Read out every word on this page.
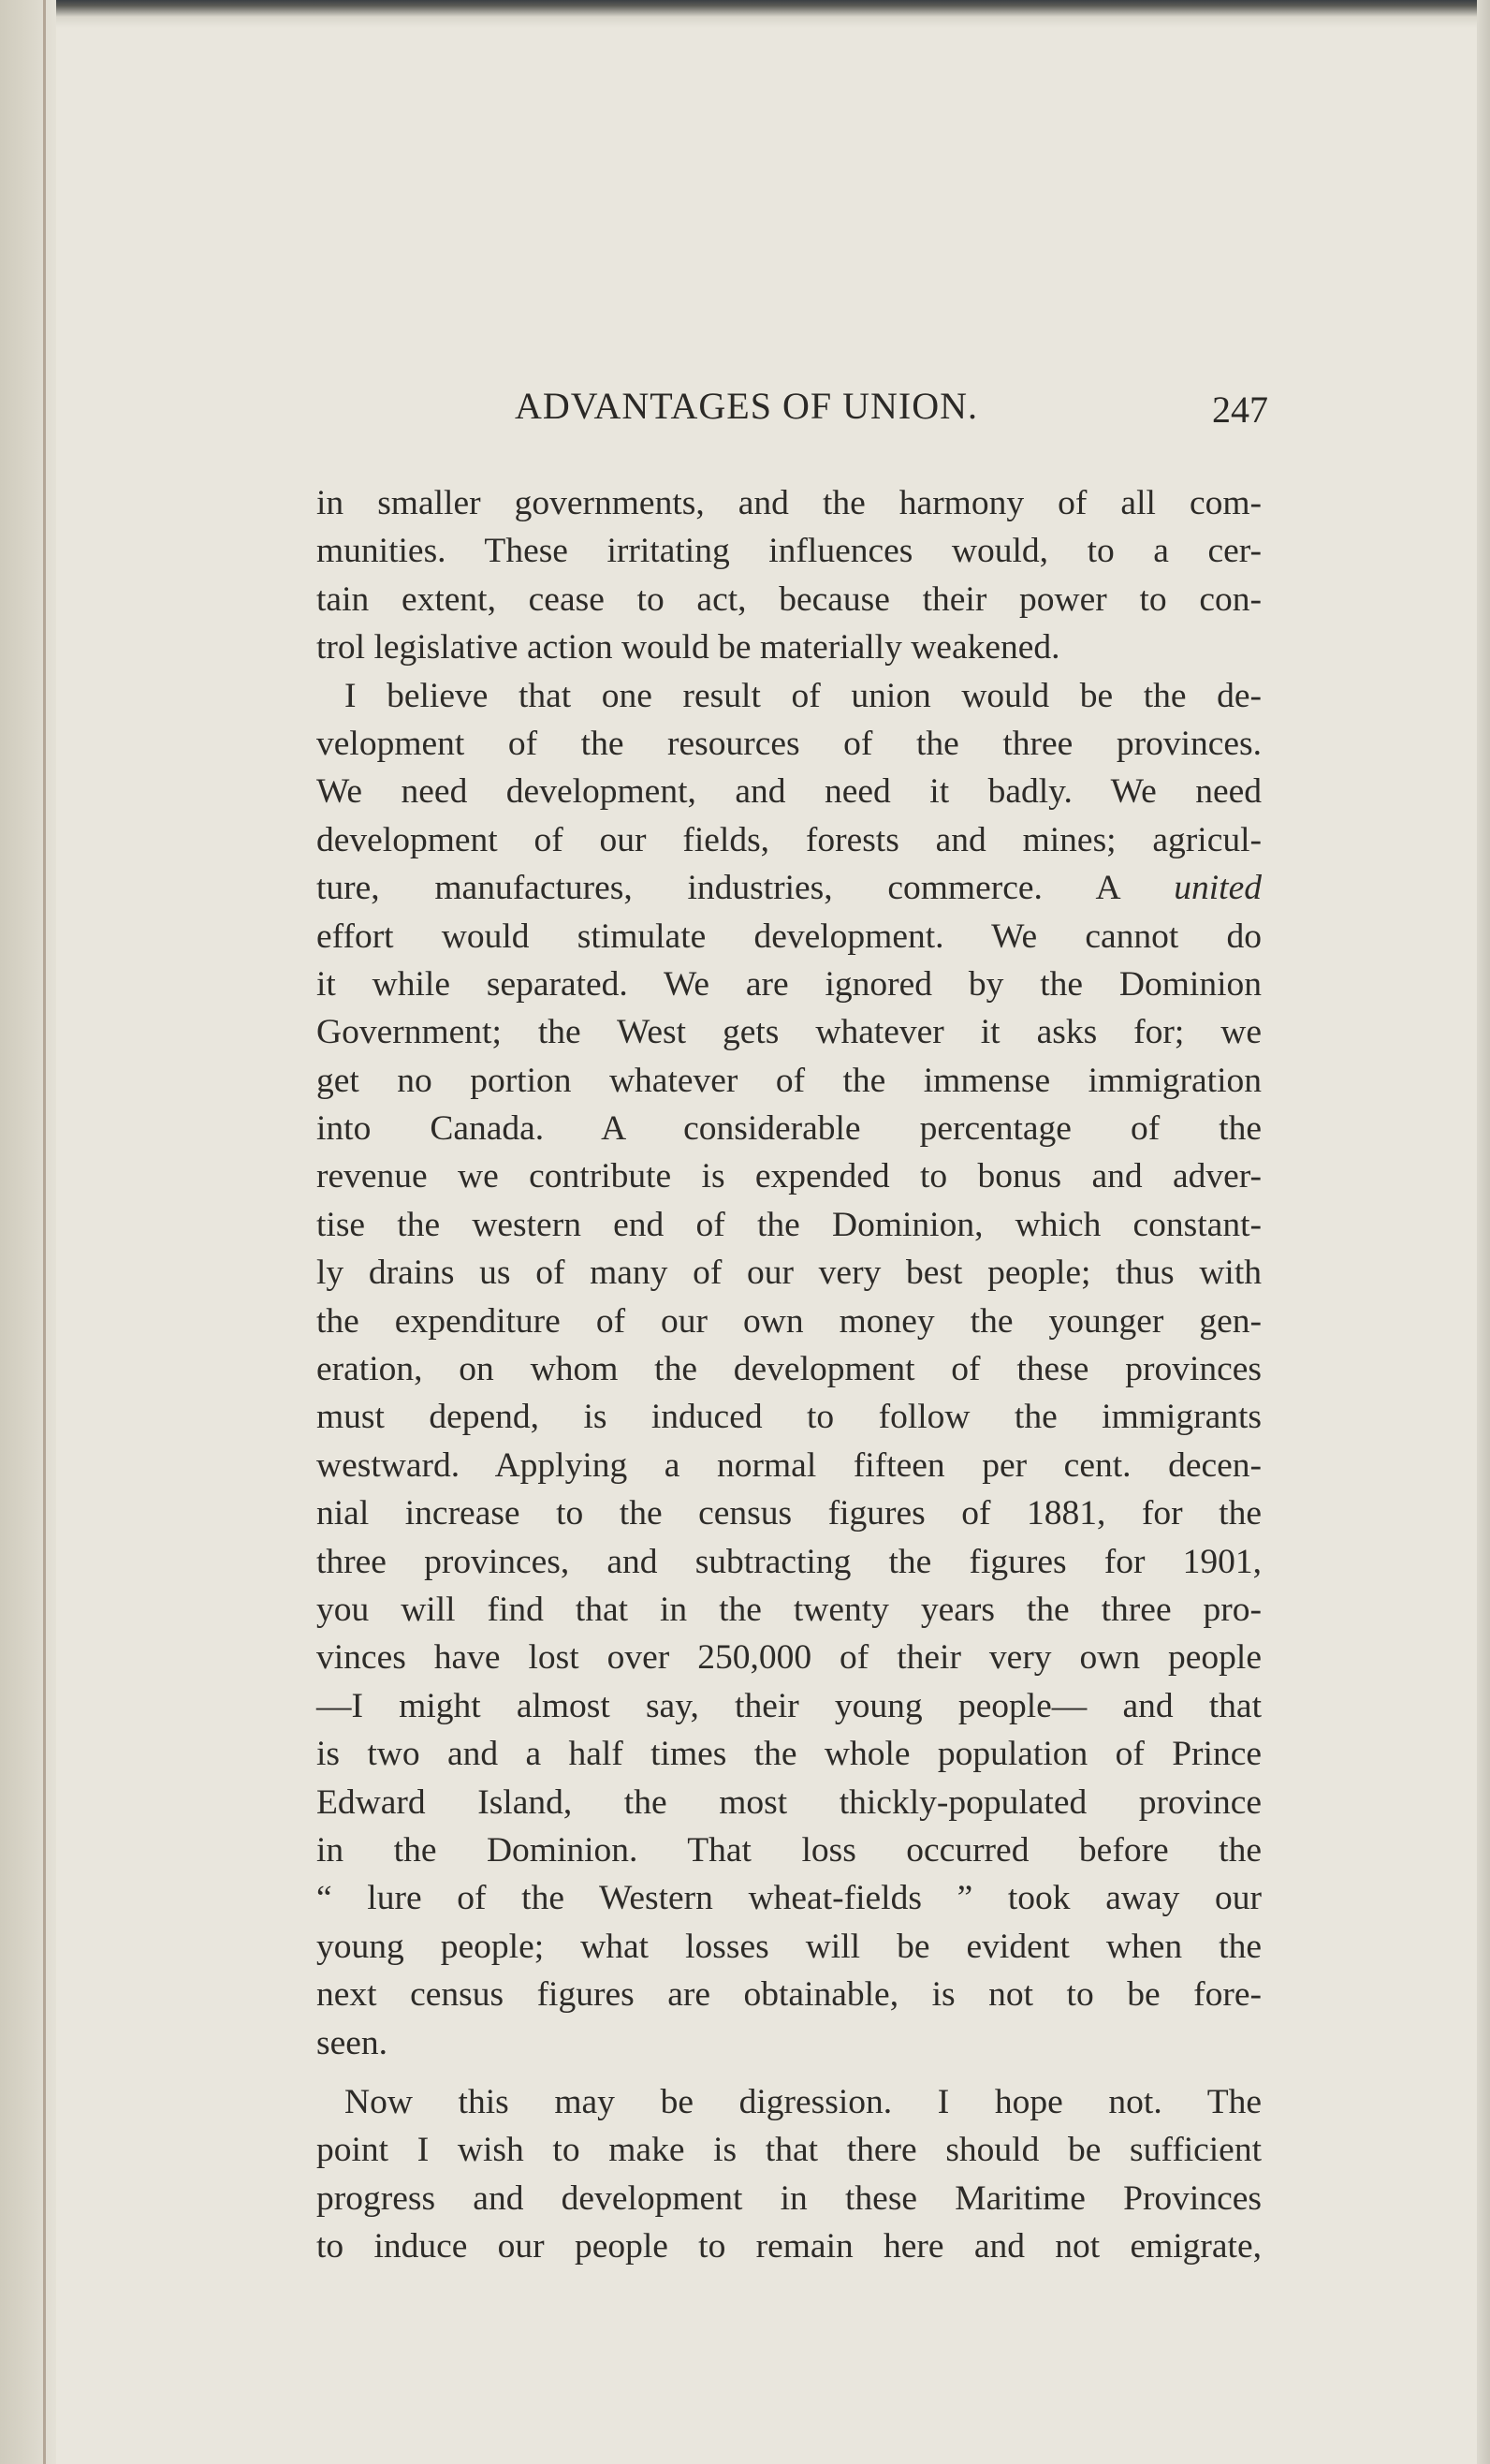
ADVANTAGES OF UNION.	247
in smaller governments, and the harmony of all com-
munities. These irritating influences would, to a cer-
tain extent, cease to act, because their power to con-
trol legislative action would be materially weakened.
I believe that one result of union would be the de-
velopment of the resources of the three provinces.
We need development, and need it badly. We need
development of our fields, forests and mines; agricul-
ture, manufactures, industries, commerce. A united
effort would stimulate development. We cannot do
it while separated. We are ignored by the Dominion
Government; the West gets whatever it asks for; we
get no portion whatever of the immense immigration
into Canada. A considerable percentage of the
revenue we contribute is expended to bonus and adver-
tise the western end of the Dominion, which constant-
ly drains us of many of our very best people; thus with
the expenditure of our own money the younger gen-
eration, on whom the development of these provinces
must depend, is induced to follow the immigrants
westward. Applying a normal fifteen per cent. decen-
nial increase to the census figures of 1881, for the
three provinces, and subtracting the figures for 1901,
you will find that in the twenty years the three pro-
vinces have lost over 250,000 of their very own people
—I might almost say, their young people— and that
is two and a half times the whole population of Prince
Edward Island, the most thickly-populated province
in the Dominion. That loss occurred before the
“ lure of the Western wheat-fields ” took away our
young people; what losses will be evident when the
next census figures are obtainable, is not to be fore-
seen.
Now this may be digression. I hope not. The
point I wish to make is that there should be sufficient
progress and development in these Maritime Provinces
to induce our people to remain here and not emigrate,
